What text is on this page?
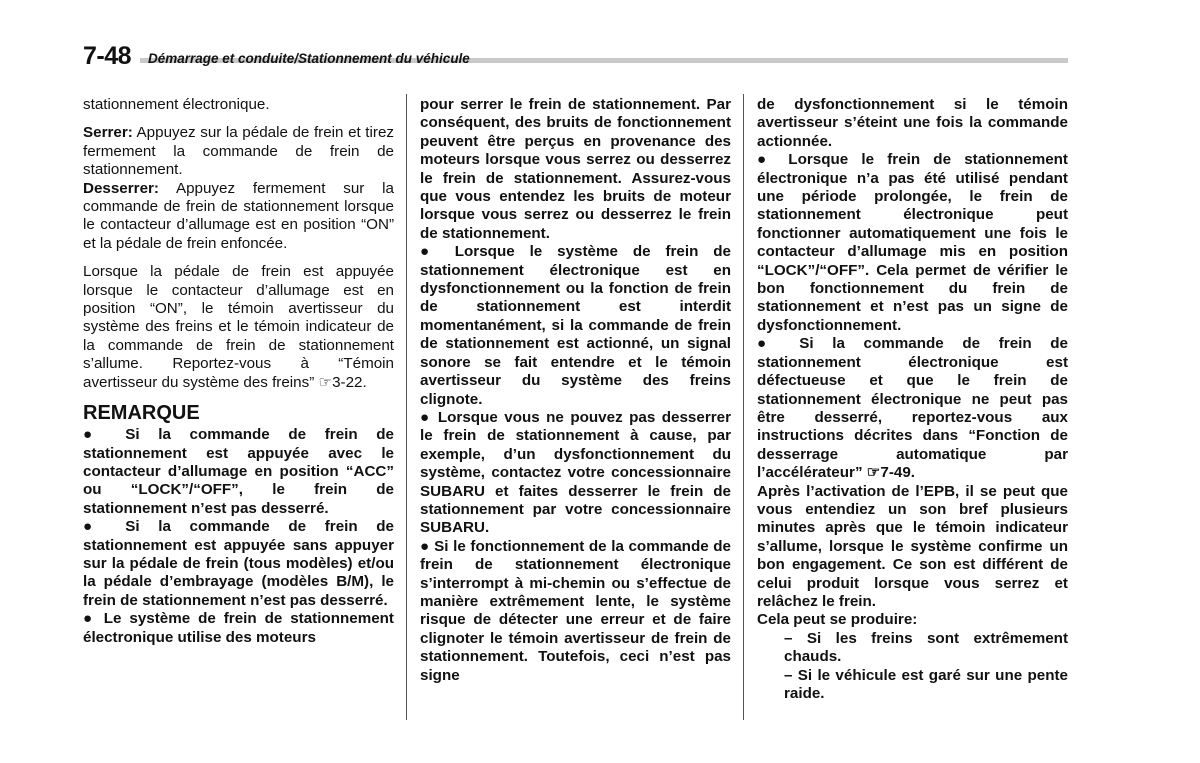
7-48 Démarrage et conduite/Stationnement du véhicule

stationnement électronique.

Serrer: Appuyez sur la pédale de frein et tirez fermement la commande de frein de stationnement.

Desserrer: Appuyez fermement sur la commande de frein de stationnement lorsque le contacteur d’allumage est en position “ON” et la pédale de frein enfoncée.

Lorsque la pédale de frein est appuyée lorsque le contacteur d’allumage est en position “ON”, le témoin avertisseur du système des freins et le témoin indicateur de la commande de frein de stationnement s’allume. Reportez-vous à “Témoin avertisseur du système des freins” ☞3-22.

REMARQUE

● Si la commande de frein de stationnement est appuyée avec le contacteur d’allumage en position “ACC” ou “LOCK”/“OFF”, le frein de stationnement n’est pas desserré.

● Si la commande de frein de stationnement est appuyée sans appuyer sur la pédale de frein (tous modèles) et/ou la pédale d’embrayage (modèles B/M), le frein de stationnement n’est pas desserré.

● Le système de frein de stationnement électronique utilise des moteurs

pour serrer le frein de stationnement. Par conséquent, des bruits de fonctionnement peuvent être perçus en provenance des moteurs lorsque vous serrez ou desserrez le frein de stationnement. Assurez-vous que vous entendez les bruits de moteur lorsque vous serrez ou desserrez le frein de stationnement.

● Lorsque le système de frein de stationnement électronique est en dysfonctionnement ou la fonction de frein de stationnement est interdit momentanément, si la commande de frein de stationnement est actionné, un signal sonore se fait entendre et le témoin avertisseur du système des freins clignote.

● Lorsque vous ne pouvez pas desserrer le frein de stationnement à cause, par exemple, d’un dysfonctionnement du système, contactez votre concessionnaire SUBARU et faites desserrer le frein de stationnement par votre concessionnaire SUBARU.

● Si le fonctionnement de la commande de frein de stationnement électronique s’interrompt à mi-chemin ou s’effectue de manière extrêmement lente, le système risque de détecter une erreur et de faire clignoter le témoin avertisseur de frein de stationnement. Toutefois, ceci n’est pas signe

de dysfonctionnement si le témoin avertisseur s’éteint une fois la commande actionnée.

● Lorsque le frein de stationnement électronique n’a pas été utilisé pendant une période prolongée, le frein de stationnement électronique peut fonctionner automatiquement une fois le contacteur d’allumage mis en position “LOCK”/“OFF”. Cela permet de vérifier le bon fonctionnement du frein de stationnement et n’est pas un signe de dysfonctionnement.

● Si la commande de frein de stationnement électronique est défectueuse et que le frein de stationnement électronique ne peut pas être desserré, reportez-vous aux instructions décrites dans “Fonction de desserrage automatique par l’accélérateur” ☞7-49.

Après l’activation de l’EPB, il se peut que vous entendiez un son bref plusieurs minutes après que le témoin indicateur s’allume, lorsque le système confirme un bon engagement. Ce son est différent de celui produit lorsque vous serrez et relâchez le frein.

Cela peut se produire:

– Si les freins sont extrêmement chauds.

– Si le véhicule est garé sur une pente raide.
